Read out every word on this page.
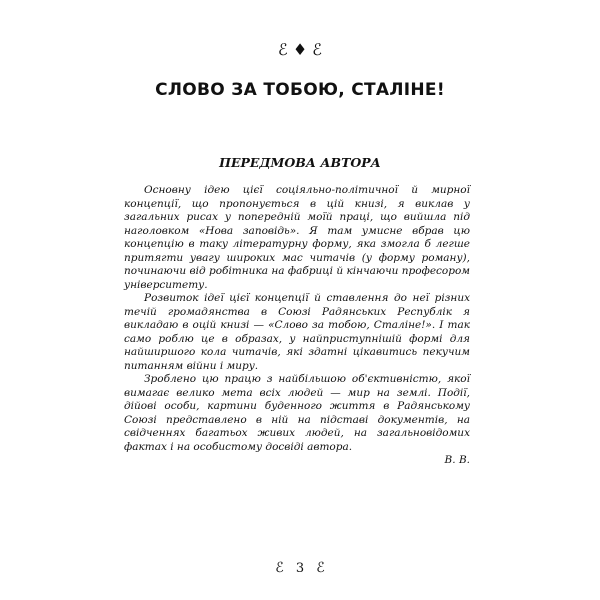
ℰ ♦ ℰ
СЛОВО ЗА ТОБОЮ, СТАЛІНЕ!
ПЕРЕДМОВА АВТОРА

Основну ідею цієї соціяльно-політичної й мирної концепції, що пропонується в цій книзі, я виклав у загальних рисах у попередній моїй праці, що вийшла під наголовком «Нова заповідь». Я там умисне вбрав цю концепцію в таку літературну форму, яка змогла б легше притягти увагу широких мас читачів (у форму роману), починаючи від робітника на фабриці й кінчаючи професором університету.

Розвиток ідеї цієї концепції й ставлення до неї різних течій громадянства в Союзі Радянських Республік я викладаю в оцій книзі — «Слово за тобою, Сталіне!». І так само роблю це в образах, у найприступнішій формі для найширшого кола читачів, які здатні цікавитись пекучим питанням війни і миру.

Зроблено цю працю з найбільшою об'єктивністю, якої вимагає велико мета всіх людей — мир на землі. Події, дійові особи, картини буденного життя в Радянському Союзі представлено в ній на підставі документів, на свідченнях багатьох живих людей, на загальновідомих фактах і на особистому досвіді автора.

В. В.

ℰ 3 ℰ
